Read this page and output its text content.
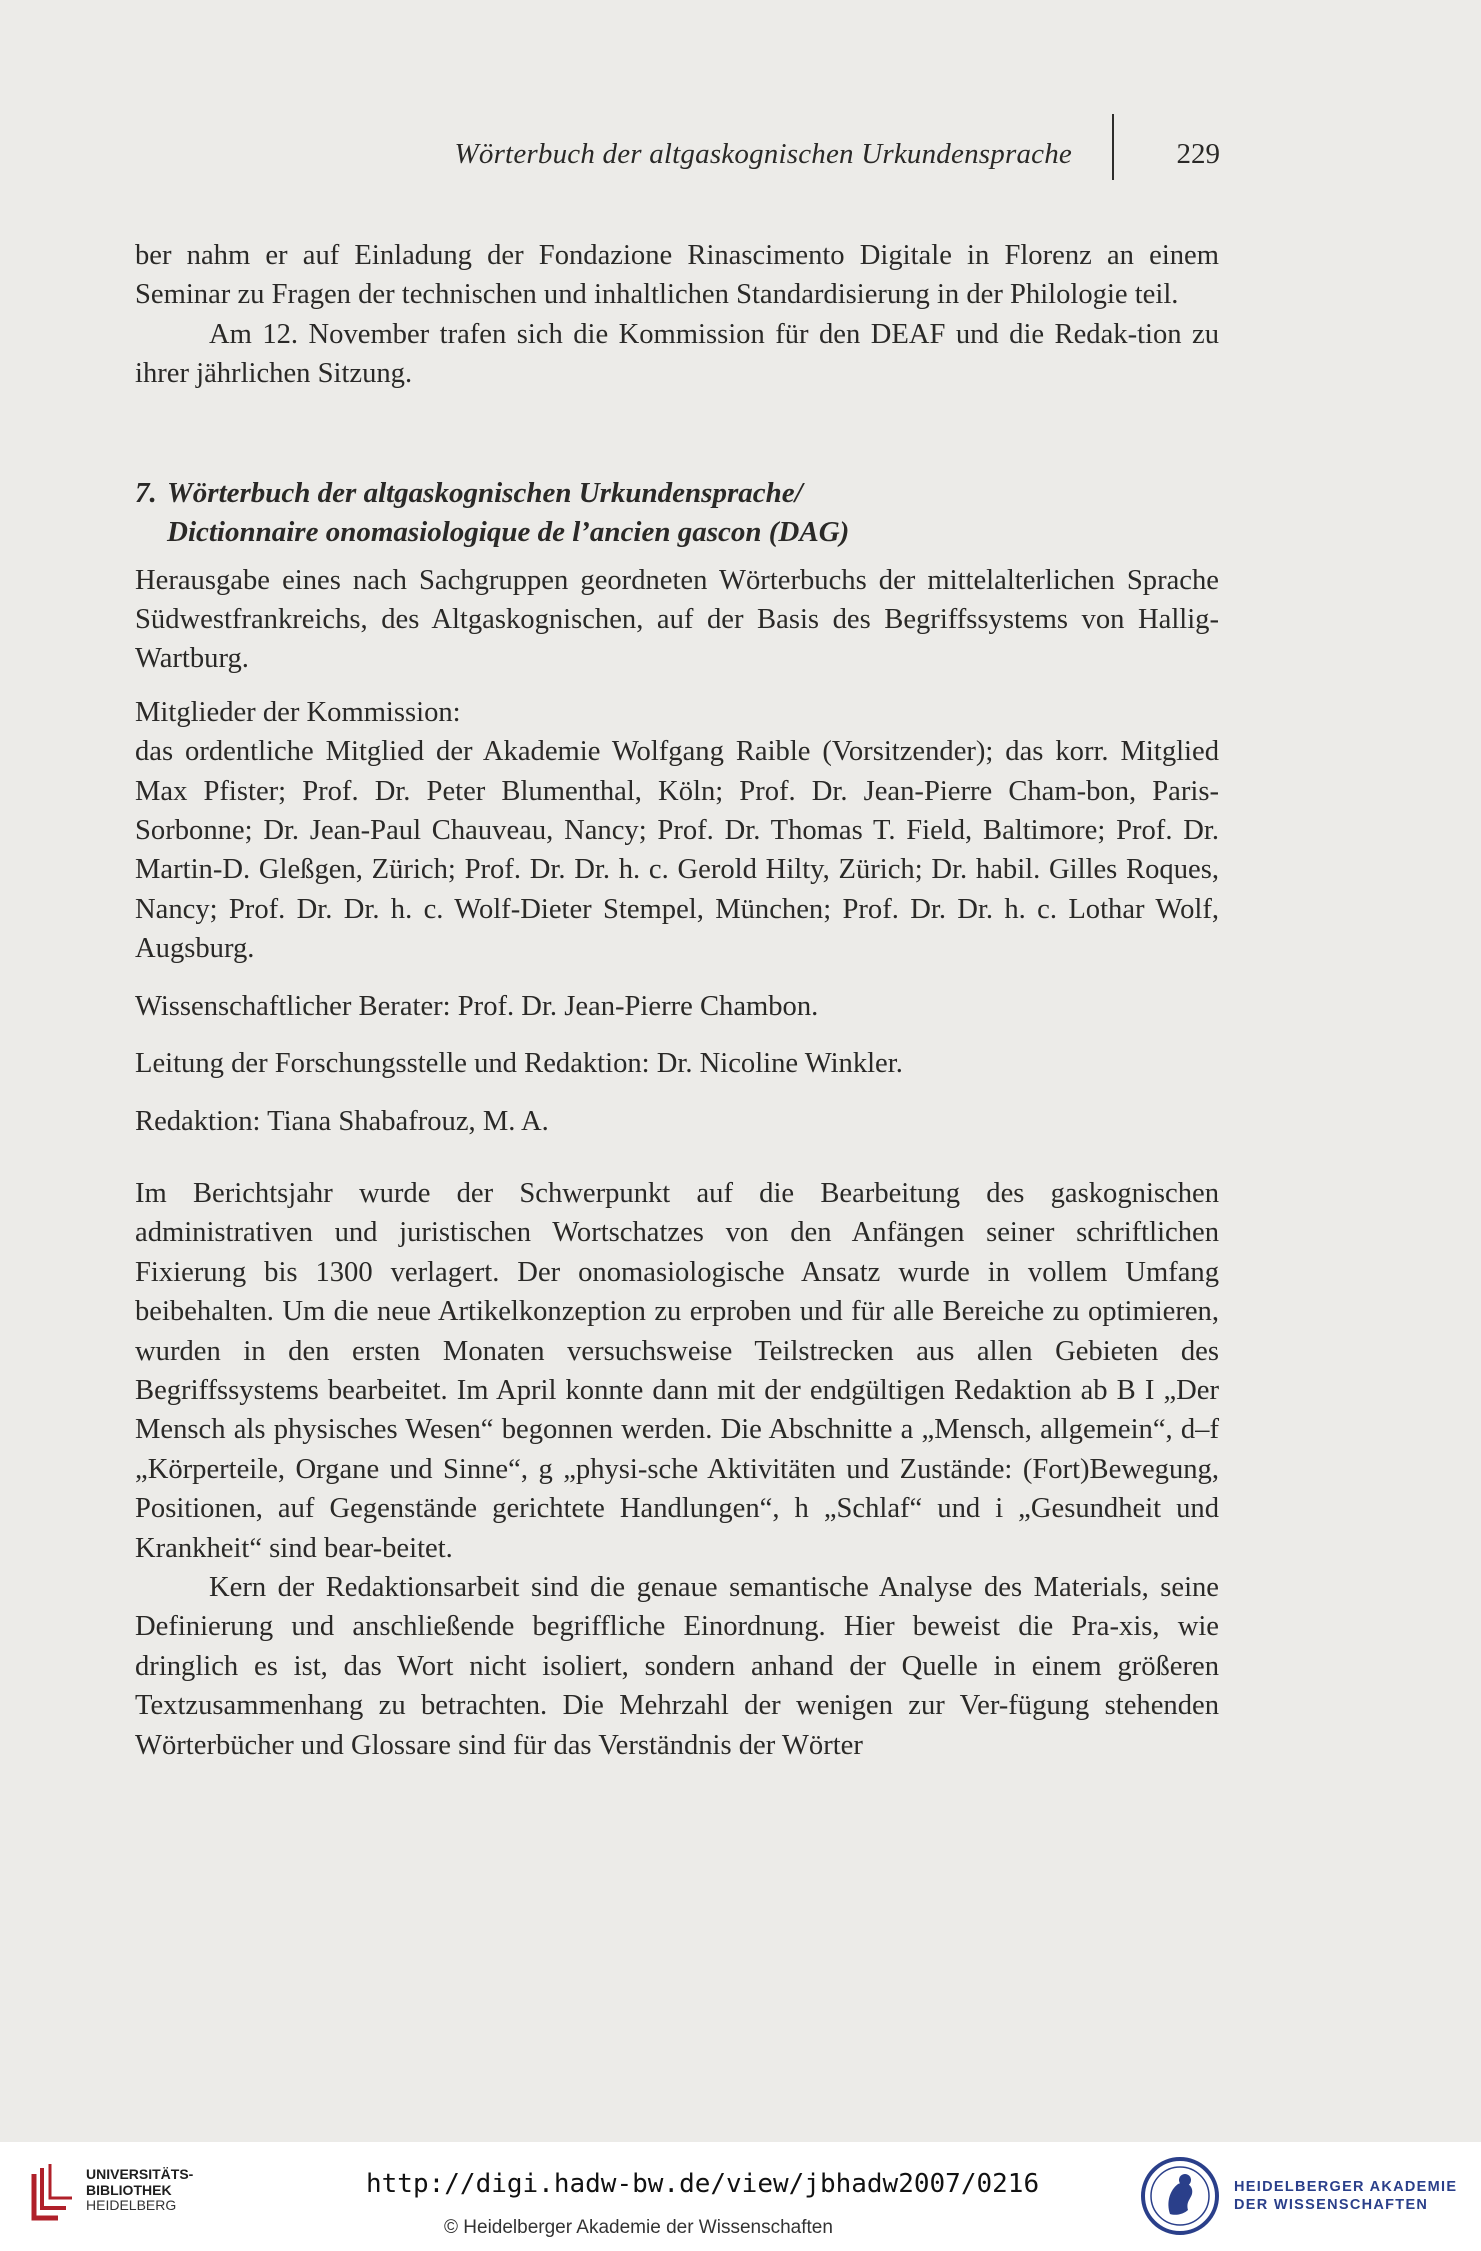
Wörterbuch der altgaskognischen Urkundensprache	229

ber nahm er auf Einladung der Fondazione Rinascimento Digitale in Florenz an einem Seminar zu Fragen der technischen und inhaltlichen Standardisierung in der Philologie teil.

Am 12. November trafen sich die Kommission für den DEAF und die Redak-tion zu ihrer jährlichen Sitzung.

7. Wörterbuch der altgaskognischen Urkundensprache/
Dictionnaire onomasiologique de l’ancien gascon (DAG)

Herausgabe eines nach Sachgruppen geordneten Wörterbuchs der mittelalterlichen Sprache Südwestfrankreichs, des Altgaskognischen, auf der Basis des Begriffssystems von Hallig-Wartburg.

Mitglieder der Kommission:

das ordentliche Mitglied der Akademie Wolfgang Raible (Vorsitzender); das korr. Mitglied Max Pfister; Prof. Dr. Peter Blumenthal, Köln; Prof. Dr. Jean-Pierre Cham-bon, Paris-Sorbonne; Dr. Jean-Paul Chauveau, Nancy; Prof. Dr. Thomas T. Field, Baltimore; Prof. Dr. Martin-D. Gleßgen, Zürich; Prof. Dr. Dr. h. c. Gerold Hilty, Zürich; Dr. habil. Gilles Roques, Nancy; Prof. Dr. Dr. h. c. Wolf-Dieter Stempel, München; Prof. Dr. Dr. h. c. Lothar Wolf, Augsburg.

Wissenschaftlicher Berater: Prof. Dr. Jean-Pierre Chambon.

Leitung der Forschungsstelle und Redaktion: Dr. Nicoline Winkler.

Redaktion: Tiana Shabafrouz, M. A.

Im Berichtsjahr wurde der Schwerpunkt auf die Bearbeitung des gaskognischen administrativen und juristischen Wortschatzes von den Anfängen seiner schriftlichen Fixierung bis 1300 verlagert. Der onomasiologische Ansatz wurde in vollem Umfang beibehalten. Um die neue Artikelkonzeption zu erproben und für alle Bereiche zu optimieren, wurden in den ersten Monaten versuchsweise Teilstrecken aus allen Gebieten des Begriffssystems bearbeitet. Im April konnte dann mit der endgültigen Redaktion ab B I „Der Mensch als physisches Wesen“ begonnen werden. Die Abschnitte a „Mensch, allgemein“, d–f „Körperteile, Organe und Sinne“, g „physi-sche Aktivitäten und Zustände: (Fort)Bewegung, Positionen, auf Gegenstände gerichtete Handlungen“, h „Schlaf“ und i „Gesundheit und Krankheit“ sind bear-beitet.

Kern der Redaktionsarbeit sind die genaue semantische Analyse des Materials, seine Definierung und anschließende begriffliche Einordnung. Hier beweist die Pra-xis, wie dringlich es ist, das Wort nicht isoliert, sondern anhand der Quelle in einem größeren Textzusammenhang zu betrachten. Die Mehrzahl der wenigen zur Ver-fügung stehenden Wörterbücher und Glossare sind für das Verständnis der Wörter

UNIVERSITÄTS-
BIBLIOTHEK
HEIDELBERG
http://digi.hadw-bw.de/view/jbhadw2007/0216
© Heidelberger Akademie der Wissenschaften
HEIDELBERGER AKADEMIE
DER WISSENSCHAFTEN
